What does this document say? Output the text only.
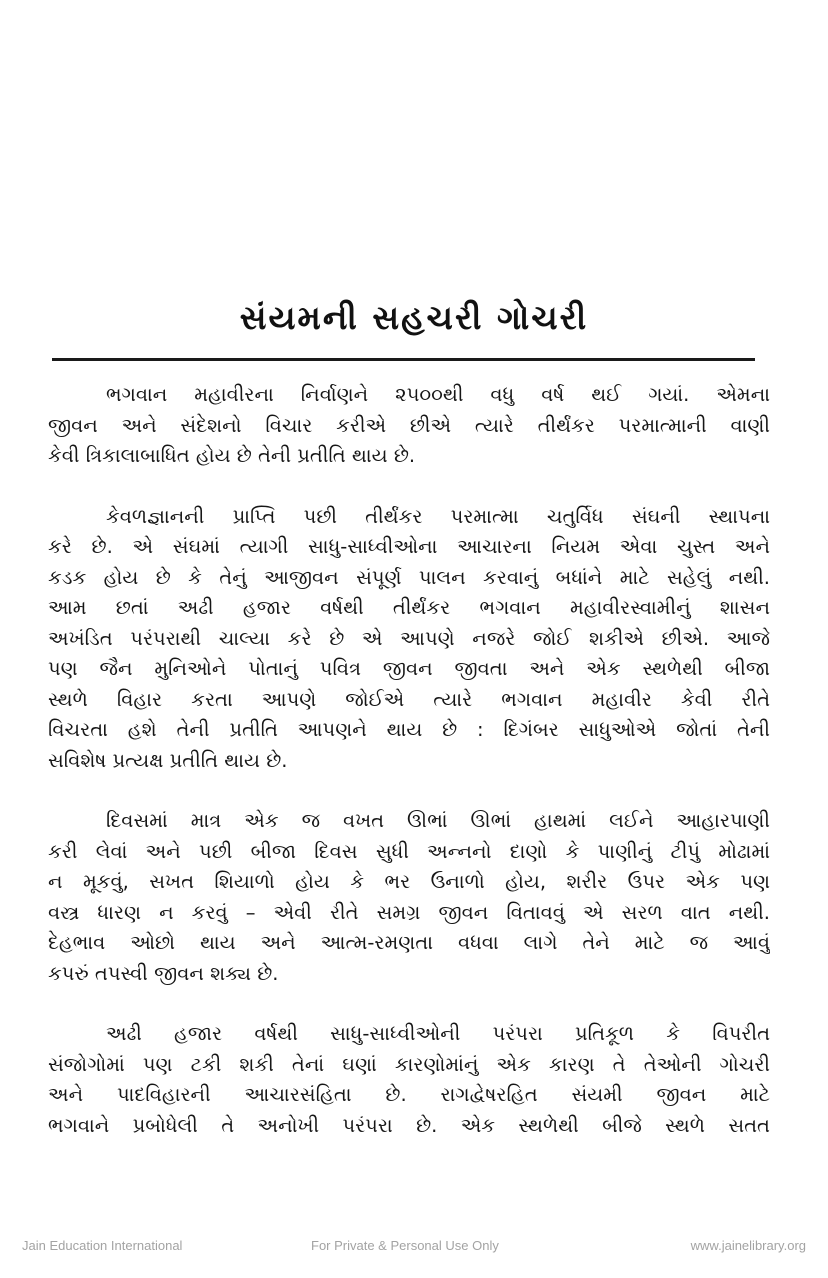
સંયમની સહચરી ગોચરી

ભગવાન મહાવીરના નિર્વાણને ૨૫૦૦થી વધુ વર્ષ થઈ ગયાં. એમના
જીવન અને સંદેશનો વિચાર કરીએ છીએ ત્યારે તીર્થંકર પરમાત્માની વાણી
કેવી ત્રિકાલાબાધિત હોય છે તેની પ્રતીતિ થાય છે.

કેવળજ્ઞાનની પ્રાપ્તિ પછી તીર્થંકર પરમાત્મા ચતુર્વિધ સંઘની સ્થાપના
કરે છે. એ સંઘમાં ત્યાગી સાધુ-સાધ્વીઓના આચારના નિયમ એવા ચુસ્ત અને
કડક હોય છે કે તેનું આજીવન સંપૂર્ણ પાલન કરવાનું બધાંને માટે સહેલું નથી.
આમ છતાં અઢી હજાર વર્ષથી તીર્થંકર ભગવાન મહાવીરસ્વામીનું શાસન
અખંડિત પરંપરાથી ચાલ્યા કરે છે એ આપણે નજરે જોઈ શકીએ છીએ. આજે
પણ જૈન મુનિઓને પોતાનું પવિત્ર જીવન જીવતા અને એક સ્થળેથી બીજા
સ્થળે વિહાર કરતા આપણે જોઈએ ત્યારે ભગવાન મહાવીર કેવી રીતે
વિચરતા હશે તેની પ્રતીતિ આપણને થાય છે : દિગંબર સાધુઓએ જોતાં તેની
સવિશેષ પ્રત્યક્ષ પ્રતીતિ થાય છે.

દિવસમાં માત્ર એક જ વખત ઊભાં ઊભાં હાથમાં લઈને આહારપાણી
કરી લેવાં અને પછી બીજા દિવસ સુધી અન્નનો દાણો કે પાણીનું ટીપું મોઢામાં
ન મૂકવું, સખત શિયાળો હોય કે ભર ઉનાળો હોય, શરીર ઉપર એક પણ
વસ્ત્ર ધારણ ન કરવું – એવી રીતે સમગ્ર જીવન વિતાવવું એ સરળ વાત નથી.
દેહભાવ ઓછો થાય અને આત્મ-રમણતા વધવા લાગે તેને માટે જ આવું
કપરું તપસ્વી જીવન શક્ય છે.

અઢી હજાર વર્ષથી સાધુ-સાધ્વીઓની પરંપરા પ્રતિકૂળ કે વિપરીત
સંજોગોમાં પણ ટકી શકી તેનાં ઘણાં કારણોમાંનું એક કારણ તે તેઓની ગોચરી
અને પાદવિહારની આચારસંહિતા છે. રાગદ્વેષરહિત સંયમી જીવન માટે
ભગવાને પ્રબોધેલી તે અનોખી પરંપરા છે. એક સ્થળેથી બીજે સ્થળે સતત

Jain Education International	For Private & Personal Use Only	www.jainelibrary.org
